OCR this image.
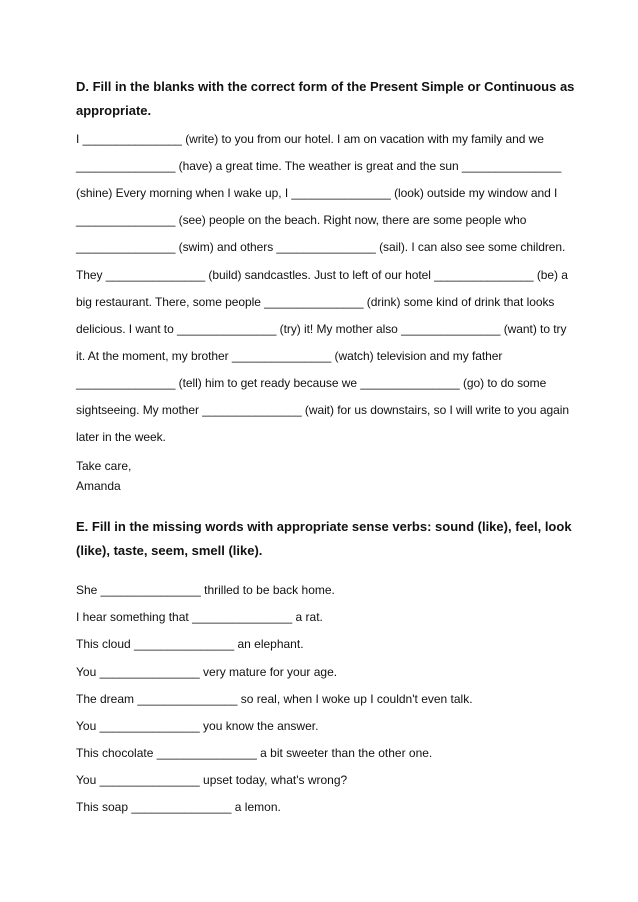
D. Fill in the blanks with the correct form of the Present Simple or Continuous as appropriate.

I _______________ (write) to you from our hotel. I am on vacation with my family and we
_______________ (have) a great time. The weather is great and the sun _______________
(shine) Every morning when I wake up, I _______________ (look) outside my window and I
_______________ (see) people on the beach. Right now, there are some people who
_______________ (swim) and others _______________ (sail). I can also see some children.
They _______________ (build) sandcastles. Just to left of our hotel _______________ (be) a
big restaurant. There, some people _______________ (drink) some kind of drink that looks
delicious. I want to _______________ (try) it! My mother also _______________ (want) to try
it. At the moment, my brother _______________ (watch) television and my father
_______________ (tell) him to get ready because we _______________ (go) to do some
sightseeing. My mother _______________ (wait) for us downstairs, so I will write to you again
later in the week.
Take care,
Amanda

E. Fill in the missing words with appropriate sense verbs: sound (like), feel, look (like), taste, seem, smell (like).

She _______________ thrilled to be back home.
I hear something that _______________ a rat.
This cloud _______________ an elephant.
You _______________ very mature for your age.
The dream _______________ so real, when I woke up I couldn't even talk.
You _______________ you know the answer.
This chocolate _______________ a bit sweeter than the other one.
You _______________ upset today, what's wrong?
This soap _______________ a lemon.
